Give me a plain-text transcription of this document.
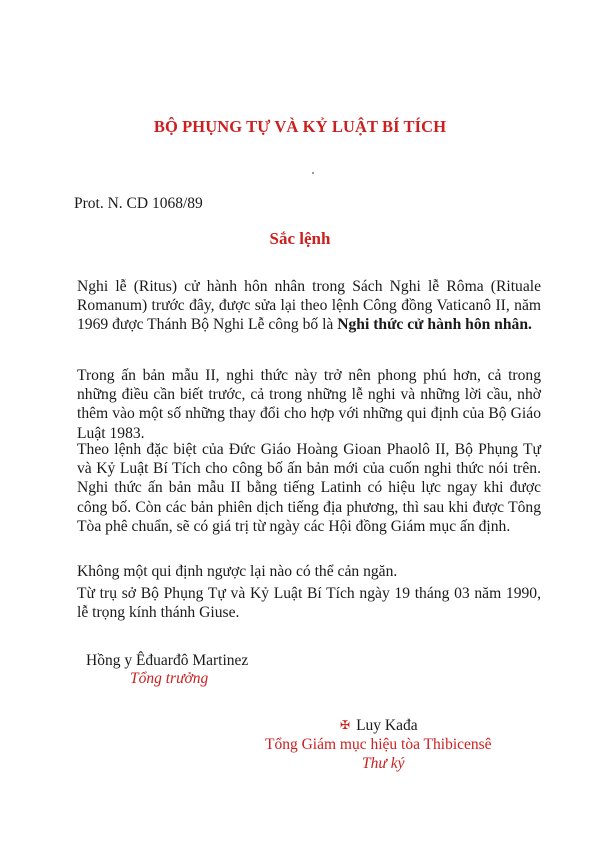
BỘ PHỤNG TỰ VÀ KỶ LUẬT BÍ TÍCH
Prot. N. CD 1068/89
Sắc lệnh
Nghi lễ (Ritus) cử hành hôn nhân trong Sách Nghi lễ Rôma (Rituale Romanum) trước đây, được sửa lại theo lệnh Công đồng Vaticanô II, năm 1969 được Thánh Bộ Nghi Lễ công bố là Nghi thức cử hành hôn nhân.
Trong ấn bản mẫu II, nghi thức này trở nên phong phú hơn, cả trong những điều cần biết trước, cả trong những lễ nghi và những lời cầu, nhờ thêm vào một số những thay đổi cho hợp với những qui định của Bộ Giáo Luật 1983.
Theo lệnh đặc biệt của Đức Giáo Hoàng Gioan Phaolô II, Bộ Phụng Tự và Kỷ Luật Bí Tích cho công bố ấn bản mới của cuốn nghi thức nói trên. Nghi thức ấn bản mẫu II bằng tiếng Latinh có hiệu lực ngay khi được công bố. Còn các bản phiên dịch tiếng địa phương, thì sau khi được Tông Tòa phê chuẩn, sẽ có giá trị từ ngày các Hội đồng Giám mục ấn định.
Không một qui định ngược lại nào có thể cản ngăn.
Từ trụ sở Bộ Phụng Tự và Kỷ Luật Bí Tích ngày 19 tháng 03 năm 1990, lễ trọng kính thánh Giuse.
Hồng y Êđuarđô Martinez
Tổng trưởng
✠ Luy Kađa
Tổng Giám mục hiệu tòa Thibicensê
Thư ký
